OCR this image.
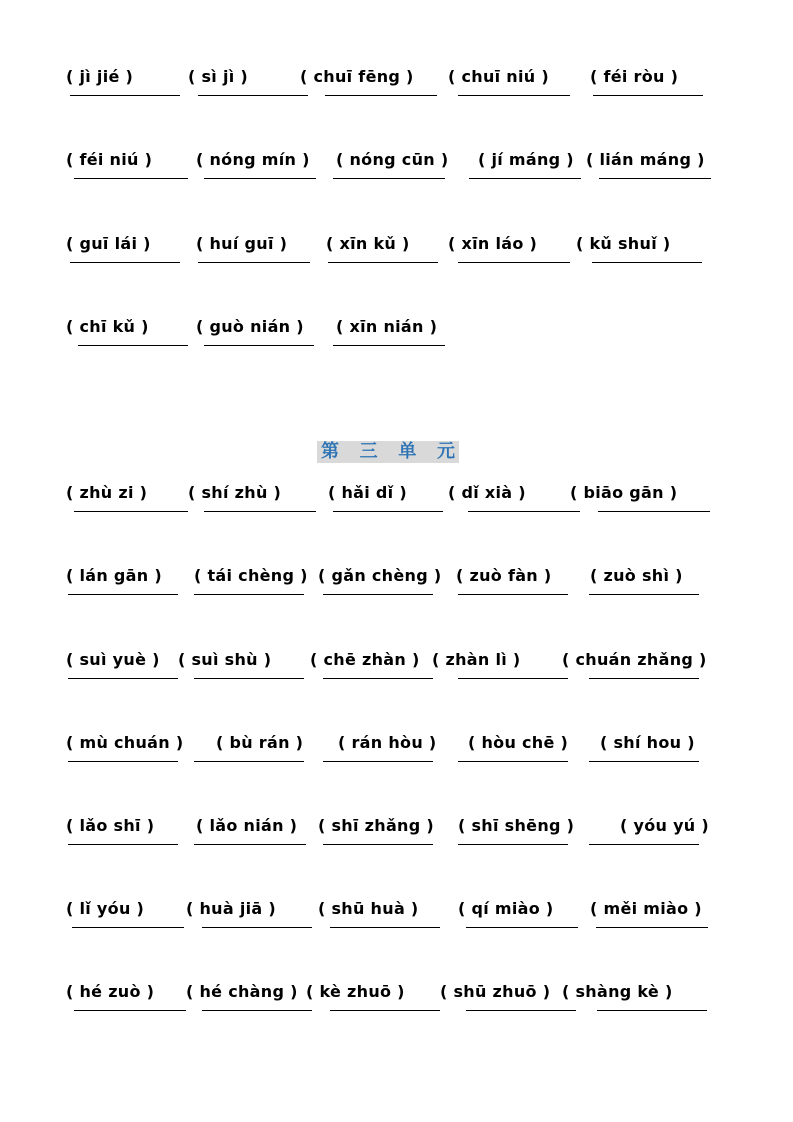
( jì jié )	( sì jì )	( chuī fēng ) ( chuī niú )	( féi ròu )
( féi niú )	( nóng mín ) ( nóng cūn ) ( jí máng ) ( lián máng )
( guī lái )	( huí guī ) ( xīn kǔ ) ( xīn láo ) ( kǔ shuǐ )
( chī kǔ )	( guò nián ) ( xīn nián )
第 三 单 元
( zhù zi )	( shí zhù )	( hǎi dǐ )	( dǐ xià )	( biāo gān )
( lán gān ) ( tái chèng ) ( gǎn chèng ) ( zuò fàn ) ( zuò shì )
( suì yuè ) ( suì shù ) ( chē zhàn ) ( zhàn lì )	( chuán zhǎng )
( mù chuán ) ( bù rán ) ( rán hòu ) ( hòu chē ) ( shí hou )
( lǎo shī )	( lǎo nián ) ( shī zhǎng ) ( shī shēng )	( yóu yú )
( lǐ yóu )	( huà jiā )	( shū huà ) ( qí miào ) ( měi miào )
( hé zuò ) ( hé chàng ) ( kè zhuō ) ( shū zhuō ) ( shàng kè )
